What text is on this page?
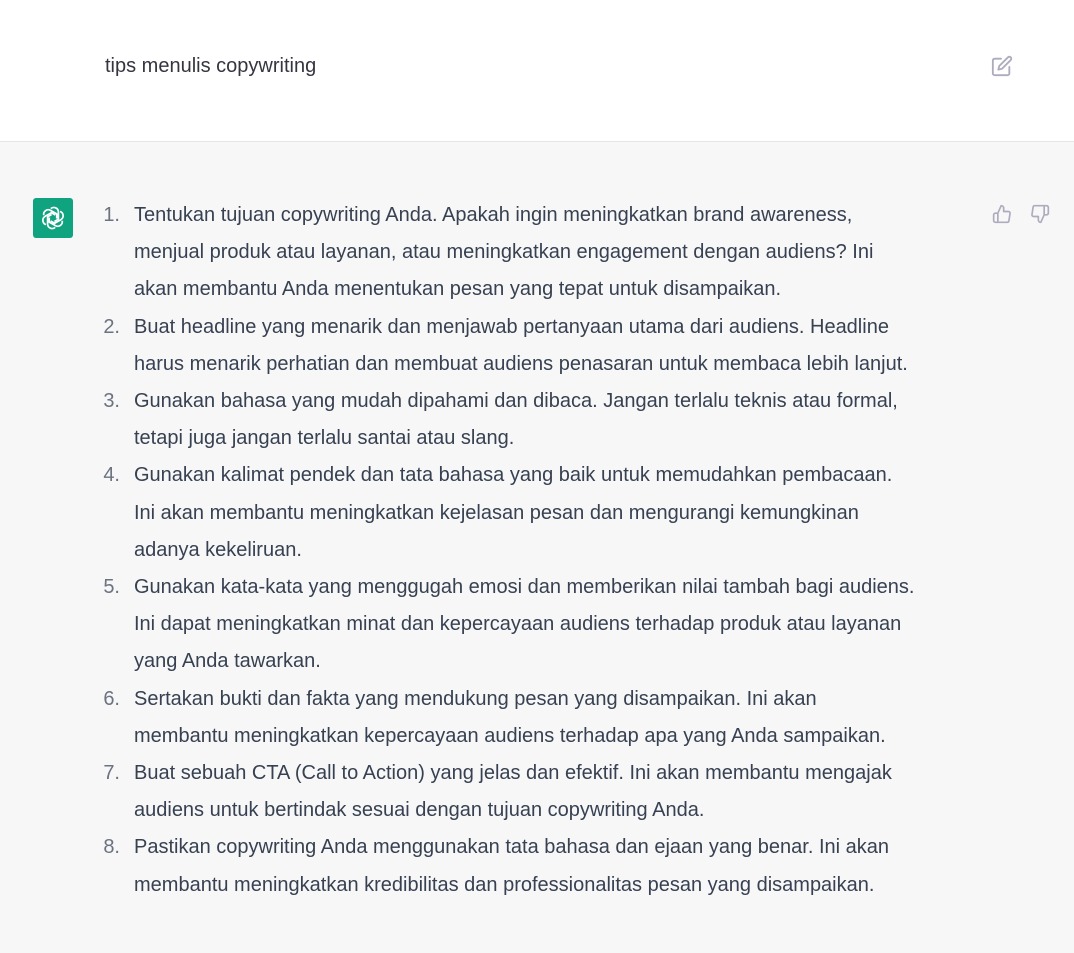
tips menulis copywriting
1. Tentukan tujuan copywriting Anda. Apakah ingin meningkatkan brand awareness,
menjual produk atau layanan, atau meningkatkan engagement dengan audiens? Ini
akan membantu Anda menentukan pesan yang tepat untuk disampaikan.
2. Buat headline yang menarik dan menjawab pertanyaan utama dari audiens. Headline
harus menarik perhatian dan membuat audiens penasaran untuk membaca lebih lanjut.
3. Gunakan bahasa yang mudah dipahami dan dibaca. Jangan terlalu teknis atau formal,
tetapi juga jangan terlalu santai atau slang.
4. Gunakan kalimat pendek dan tata bahasa yang baik untuk memudahkan pembacaan.
Ini akan membantu meningkatkan kejelasan pesan dan mengurangi kemungkinan
adanya kekeliruan.
5. Gunakan kata-kata yang menggugah emosi dan memberikan nilai tambah bagi audiens.
Ini dapat meningkatkan minat dan kepercayaan audiens terhadap produk atau layanan
yang Anda tawarkan.
6. Sertakan bukti dan fakta yang mendukung pesan yang disampaikan. Ini akan
membantu meningkatkan kepercayaan audiens terhadap apa yang Anda sampaikan.
7. Buat sebuah CTA (Call to Action) yang jelas dan efektif. Ini akan membantu mengajak
audiens untuk bertindak sesuai dengan tujuan copywriting Anda.
8. Pastikan copywriting Anda menggunakan tata bahasa dan ejaan yang benar. Ini akan
membantu meningkatkan kredibilitas dan professionalitas pesan yang disampaikan.
